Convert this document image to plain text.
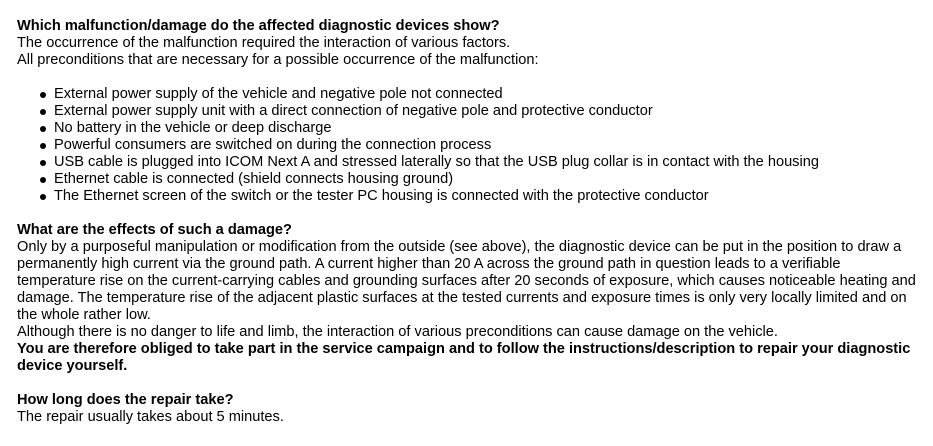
Which malfunction/damage do the affected diagnostic devices show?

The occurrence of the malfunction required the interaction of various factors.

All preconditions that are necessary for a possible occurrence of the malfunction:

External power supply of the vehicle and negative pole not connected
External power supply unit with a direct connection of negative pole and protective conductor
No battery in the vehicle or deep discharge
Powerful consumers are switched on during the connection process
USB cable is plugged into ICOM Next A and stressed laterally so that the USB plug collar is in contact with the housing
Ethernet cable is connected (shield connects housing ground)
The Ethernet screen of the switch or the tester PC housing is connected with the protective conductor

What are the effects of such a damage?

Only by a purposeful manipulation or modification from the outside (see above), the diagnostic device can be put in the position to draw a permanently high current via the ground path. A current higher than 20 A across the ground path in question leads to a verifiable temperature rise on the current-carrying cables and grounding surfaces after 20 seconds of exposure, which causes noticeable heating and damage. The temperature rise of the adjacent plastic surfaces at the tested currents and exposure times is only very locally limited and on the whole rather low.

Although there is no danger to life and limb, the interaction of various preconditions can cause damage on the vehicle.

You are therefore obliged to take part in the service campaign and to follow the instructions/description to repair your diagnostic device yourself.

How long does the repair take?

The repair usually takes about 5 minutes.
